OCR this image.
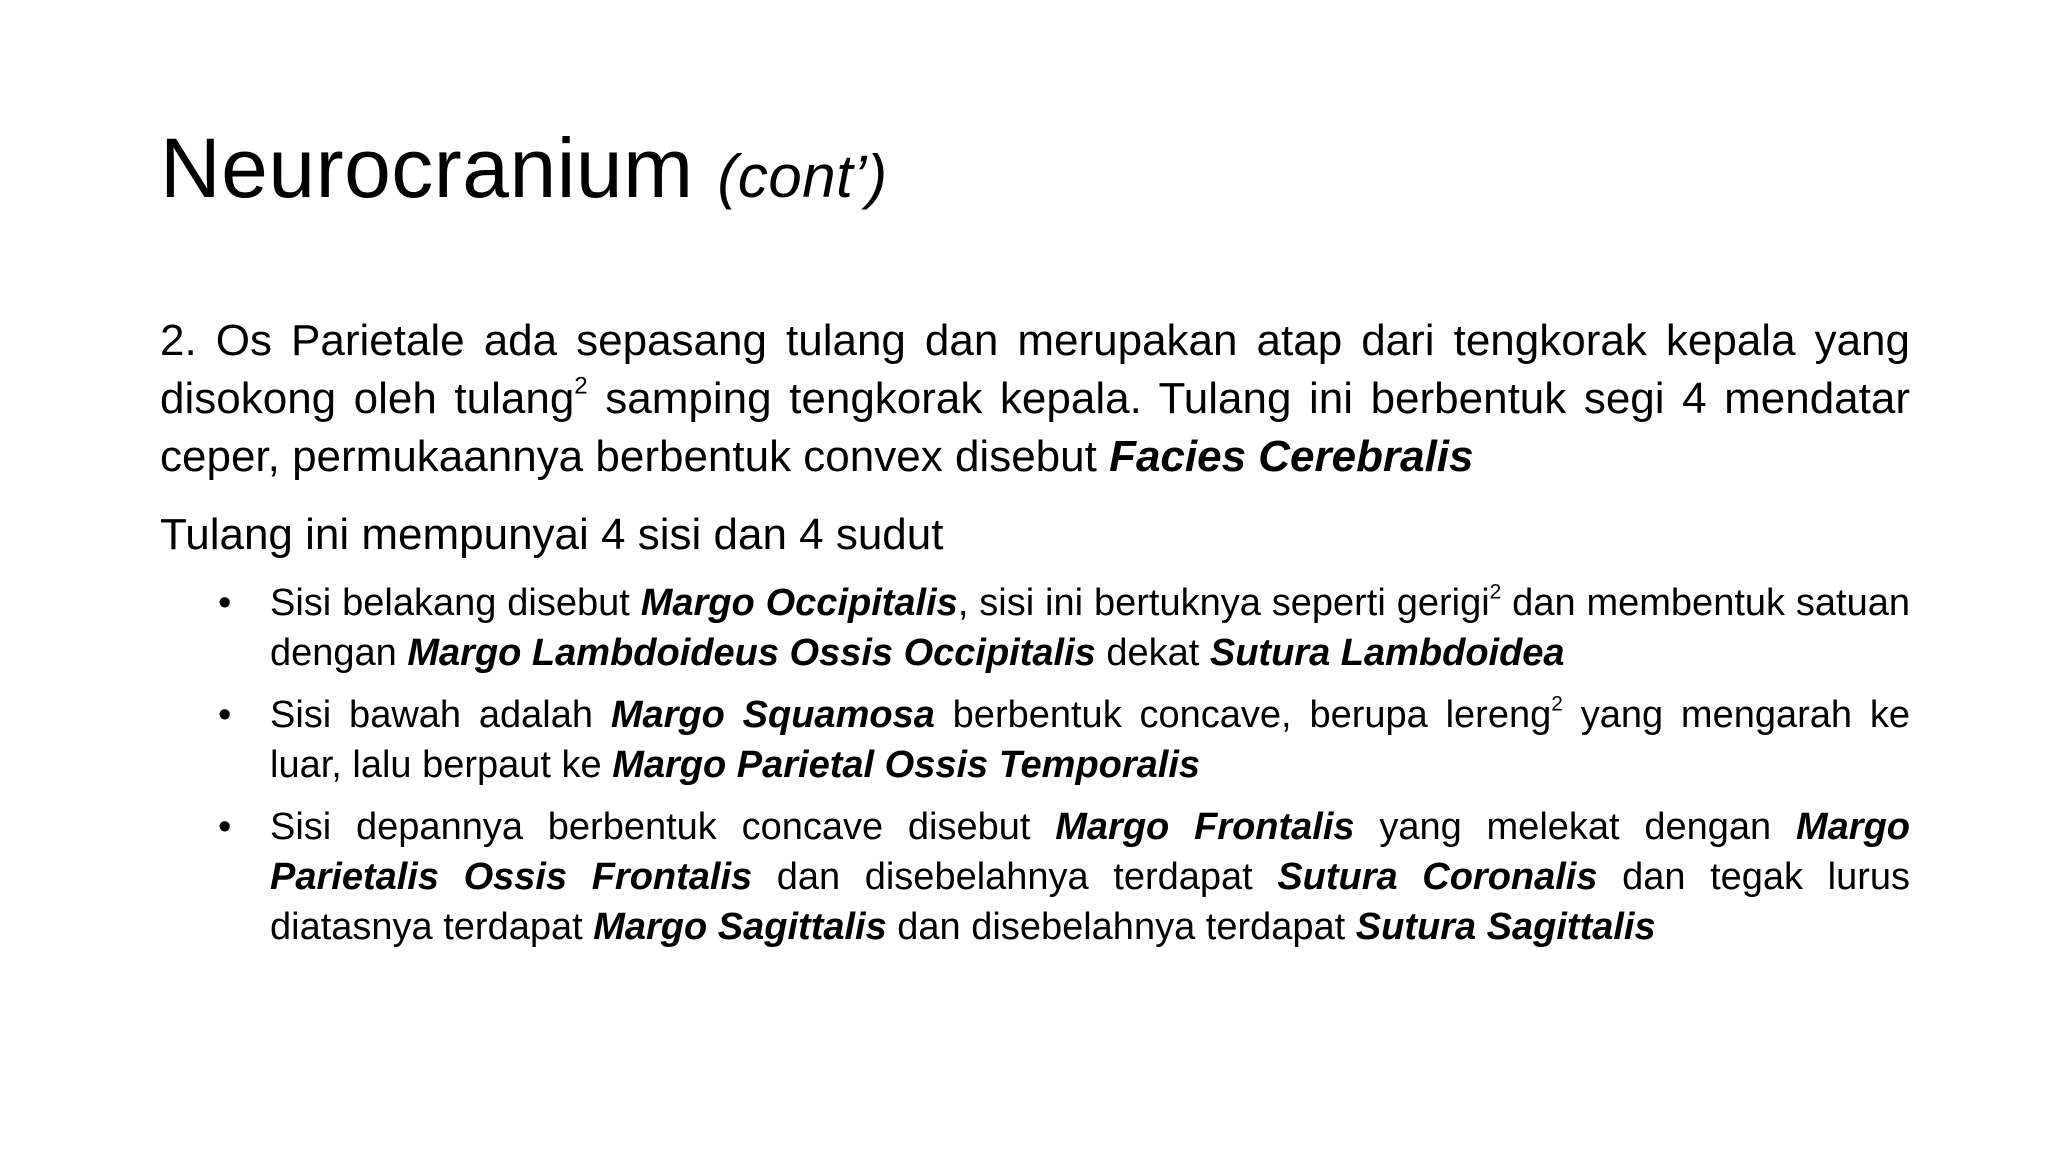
Neurocranium (cont’)

2. Os Parietale ada sepasang tulang dan merupakan atap dari tengkorak kepala yang disokong oleh tulang$^2$ samping tengkorak kepala. Tulang ini berbentuk segi 4 mendatar ceper, permukaannya berbentuk convex disebut Facies Cerebralis

Tulang ini mempunyai 4 sisi dan 4 sudut

• Sisi belakang disebut Margo Occipitalis, sisi ini bertuknya seperti gerigi$^2$ dan membentuk satuan dengan Margo Lambdoideus Ossis Occipitalis dekat Sutura Lambdoidea
• Sisi bawah adalah Margo Squamosa berbentuk concave, berupa lereng$^2$ yang mengarah ke luar, lalu berpaut ke Margo Parietal Ossis Temporalis
• Sisi depannya berbentuk concave disebut Margo Frontalis yang melekat dengan Margo Parietalis Ossis Frontalis dan disebelahnya terdapat Sutura Coronalis dan tegak lurus diatasnya terdapat Margo Sagittalis dan disebelahnya terdapat Sutura Sagittalis
